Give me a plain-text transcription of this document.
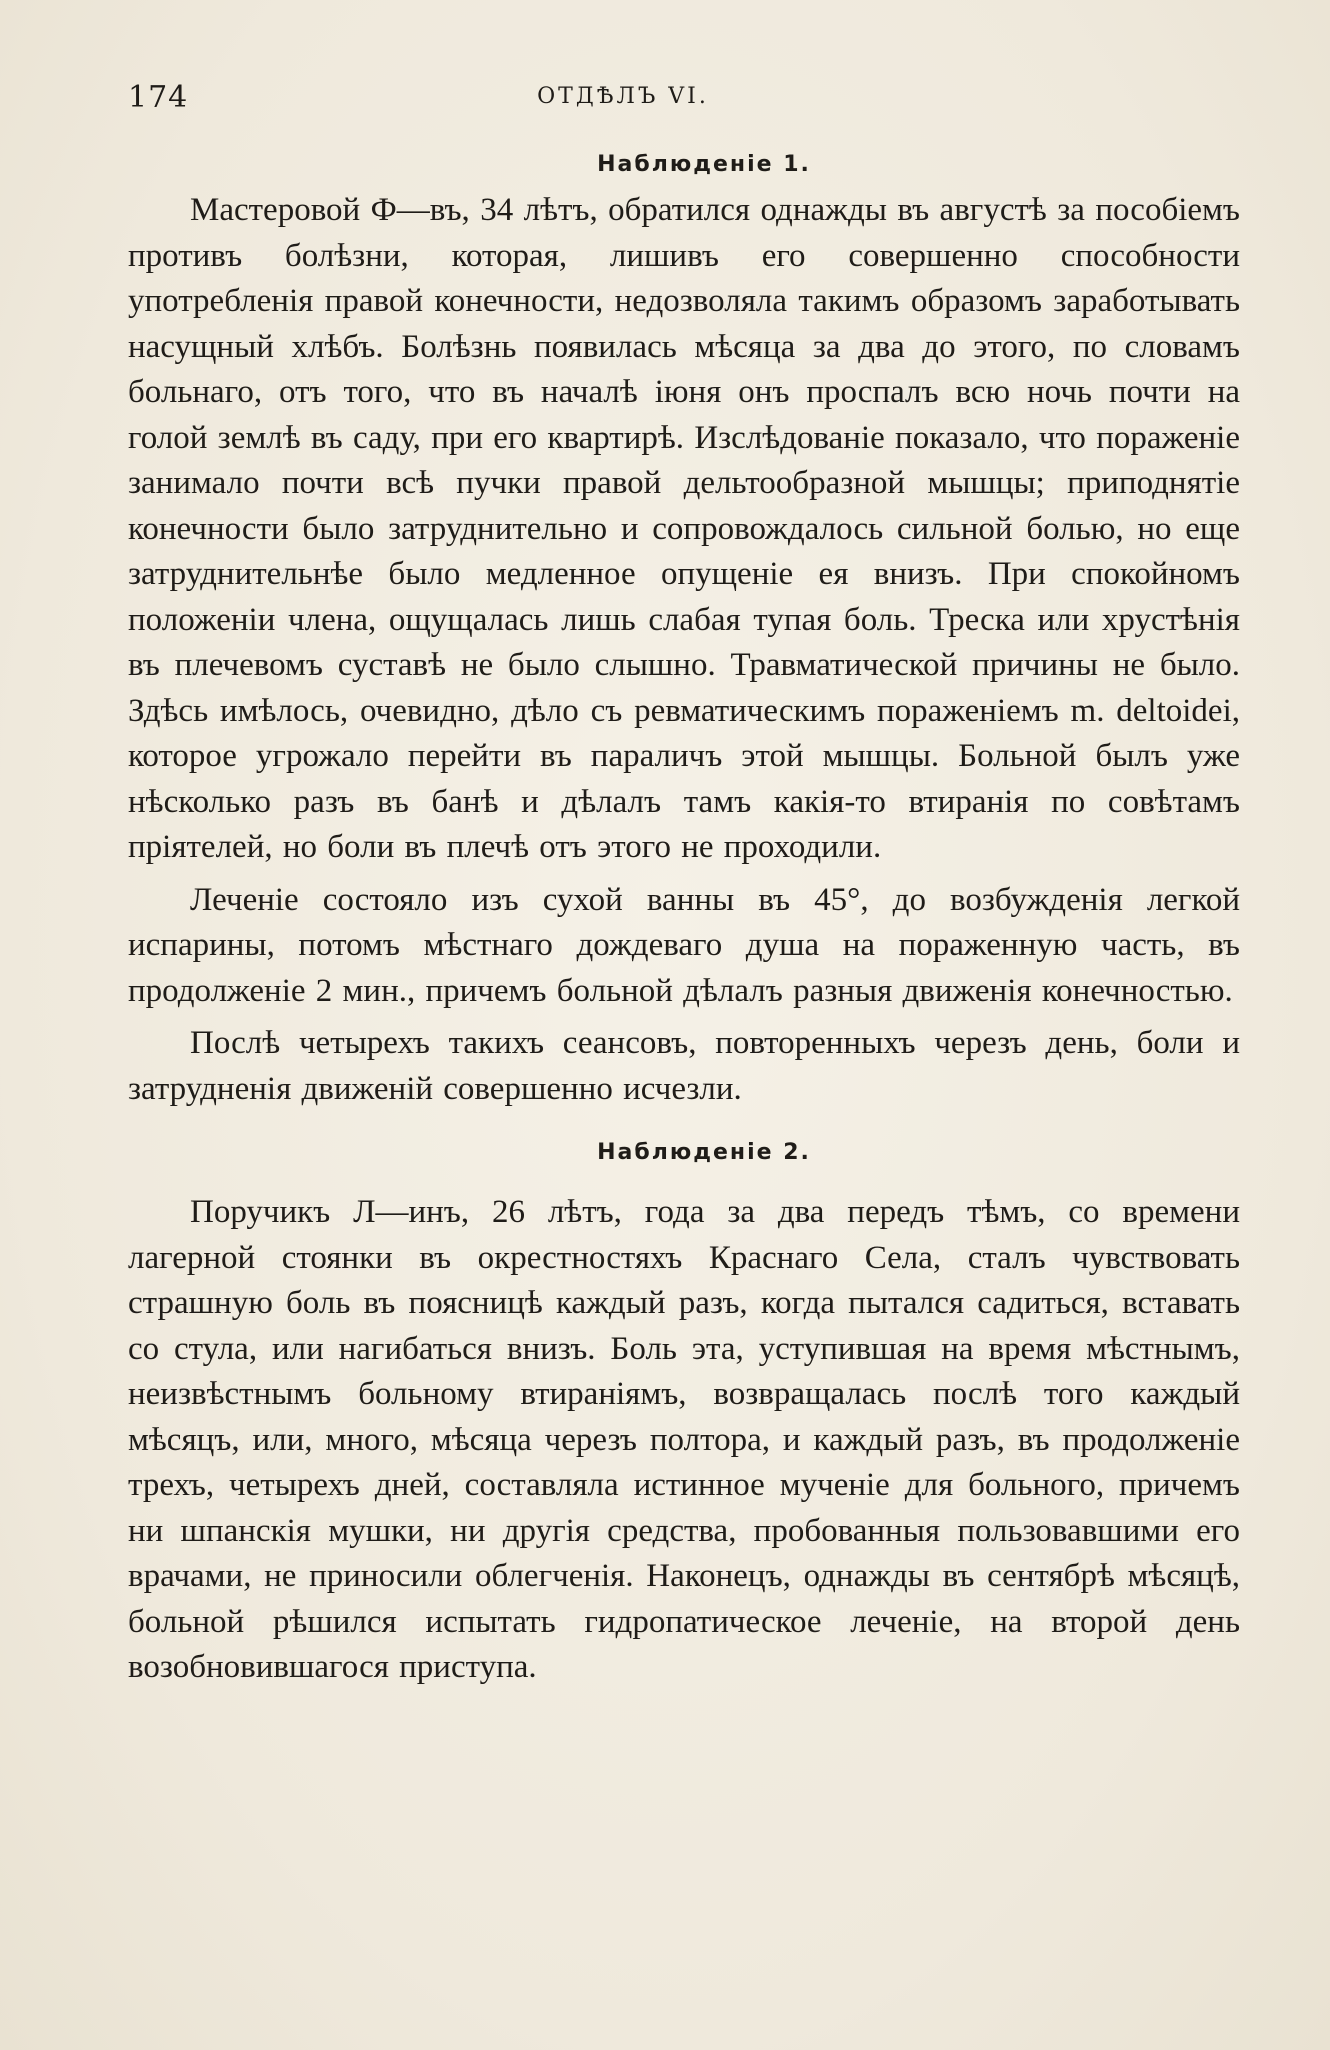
174	ОТДѢЛЪ VI.
Наблюденіе 1.

Мастеровой Ф—въ, 34 лѣтъ, обратился однажды въ августѣ за пособіемъ противъ болѣзни, которая, лишивъ его совершенно способности употребленія правой конечности, недозволяла такимъ образомъ заработывать насущный хлѣбъ. Болѣзнь появилась мѣсяца за два до этого, по словамъ больнаго, отъ того, что въ началѣ іюня онъ проспалъ всю ночь почти на голой землѣ въ саду, при его квартирѣ. Изслѣдованіе показало, что пораженіе занимало почти всѣ пучки правой дельтообразной мышцы; приподнятіе конечности было затруднительно и сопровождалось сильной болью, но еще затруднительнѣе было медленное опущеніе ея внизъ. При спокойномъ положеніи члена, ощущалась лишь слабая тупая боль. Треска или хрустѣнія въ плечевомъ суставѣ не было слышно. Травматической причины не было. Здѣсь имѣлось, очевидно, дѣло съ ревматическимъ пораженіемъ m. deltoidei, которое угрожало перейти въ параличъ этой мышцы. Больной былъ уже нѣсколько разъ въ банѣ и дѣлалъ тамъ какія-то втиранія по совѣтамъ пріятелей, но боли въ плечѣ отъ этого не проходили.

Леченіе состояло изъ сухой ванны въ 45°, до возбужденія легкой испарины, потомъ мѣстнаго дождеваго душа на пораженную часть, въ продолженіе 2 мин., причемъ больной дѣлалъ разныя движенія конечностью.

Послѣ четырехъ такихъ сеансовъ, повторенныхъ черезъ день, боли и затрудненія движеній совершенно исчезли.

Наблюденіе 2.

Поручикъ Л—инъ, 26 лѣтъ, года за два передъ тѣмъ, со времени лагерной стоянки въ окрестностяхъ Краснаго Села, сталъ чувствовать страшную боль въ поясницѣ каждый разъ, когда пытался садиться, вставать со стула, или нагибаться внизъ. Боль эта, уступившая на время мѣстнымъ, неизвѣстнымъ больному втираніямъ, возвращалась послѣ того каждый мѣсяцъ, или, много, мѣсяца черезъ полтора, и каждый разъ, въ продолженіе трехъ, четырехъ дней, составляла истинное мученіе для больного, причемъ ни шпанскія мушки, ни другія средства, пробованныя пользовавшими его врачами, не приносили облегченія. Наконецъ, однажды въ сентябрѣ мѣсяцѣ, больной рѣшился испытать гидропатическое леченіе, на второй день возобновившагося приступа.
